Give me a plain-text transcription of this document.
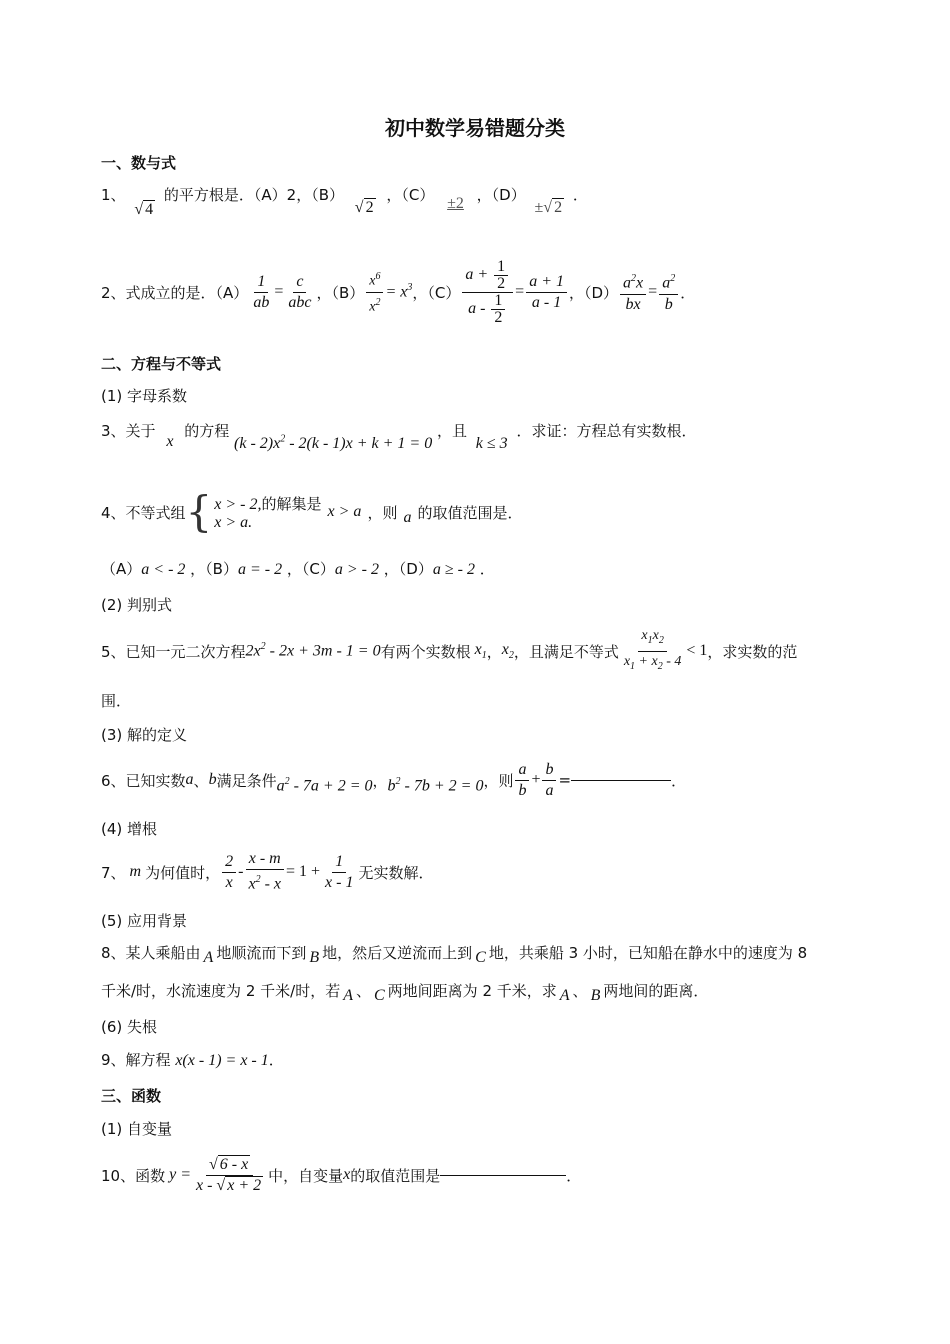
初中数学易错题分类
一、数与式
1、 √ 4 的平方根是．（A）2，（B） √ 2 ，（C） ±2 ，（D） ±√ 2 ．
2、式成立的是．$(A) \frac{1}{ab} = \frac{c}{\text{abc}}$ ，$(B) \frac{x^6}{x^2} = x^3$ ，$(C) \frac{a + \frac{1}{2}}{a - \frac{1}{2}} = \frac{a + 1}{a - 1}$ ，$(D) \frac{a^2x}{bx} = \frac{a^2}{b}$ ．
二、方程与不等式
(1) 字母系数
3、关于 x 的方程 $(k - 2)x^2 - 2(k - 1)x + k + 1 = 0$ ，且 k ≤ 3 ．求证：方程总有实数根．
4、不等式组 { x > - 2,的解集是
x > a.
x > a ，则 a 的取值范围是．
（A）a < - 2 ，（B）a = - 2 ，（C）a > - 2 ，（D）a ≥ - 2 ．
(2) 判别式
5、已知一元二次方程 $2x^2 - 2x + 3m - 1 = 0$ 有两个实数根 $x_1$ ， $x_2$ ，且满足不等式 $\frac{x_1x_2}{x_1 + x_2 - 4} < 1$ ，求实数的范
围．
(3) 解的定义
6、已知实数 a 、 b 满足条件 $a^2 - 7a + 2 = 0$ ， $b^2 - 7b + 2 = 0$ ，则 $\frac{a}{b} + \frac{b}{a}$ =	．
(4) 增根
7、 m 为何值时， $\frac{2}{x} - \frac{x - m}{x^2 - x} = 1 + \frac{1}{x - 1}$ 无实数解．
(5) 应用背景
8、某人乘船由 A 地顺流而下到 B 地，然后又逆流而上到 C 地，共乘船 3 小时，已知船在静水中的速度为 8
千米/时，水流速度为 2 千米/时，若 A 、 C 两地间距离为 2 千米，求 A 、 B 两地间的距离．
(6) 失根
9、解方程 x(x - 1) = x - 1．
三、函数
(1) 自变量
10、函数 $y = \frac{√ 6 - x}{x - √ x + 2}$ 中，自变量 x 的取值范围是	．
